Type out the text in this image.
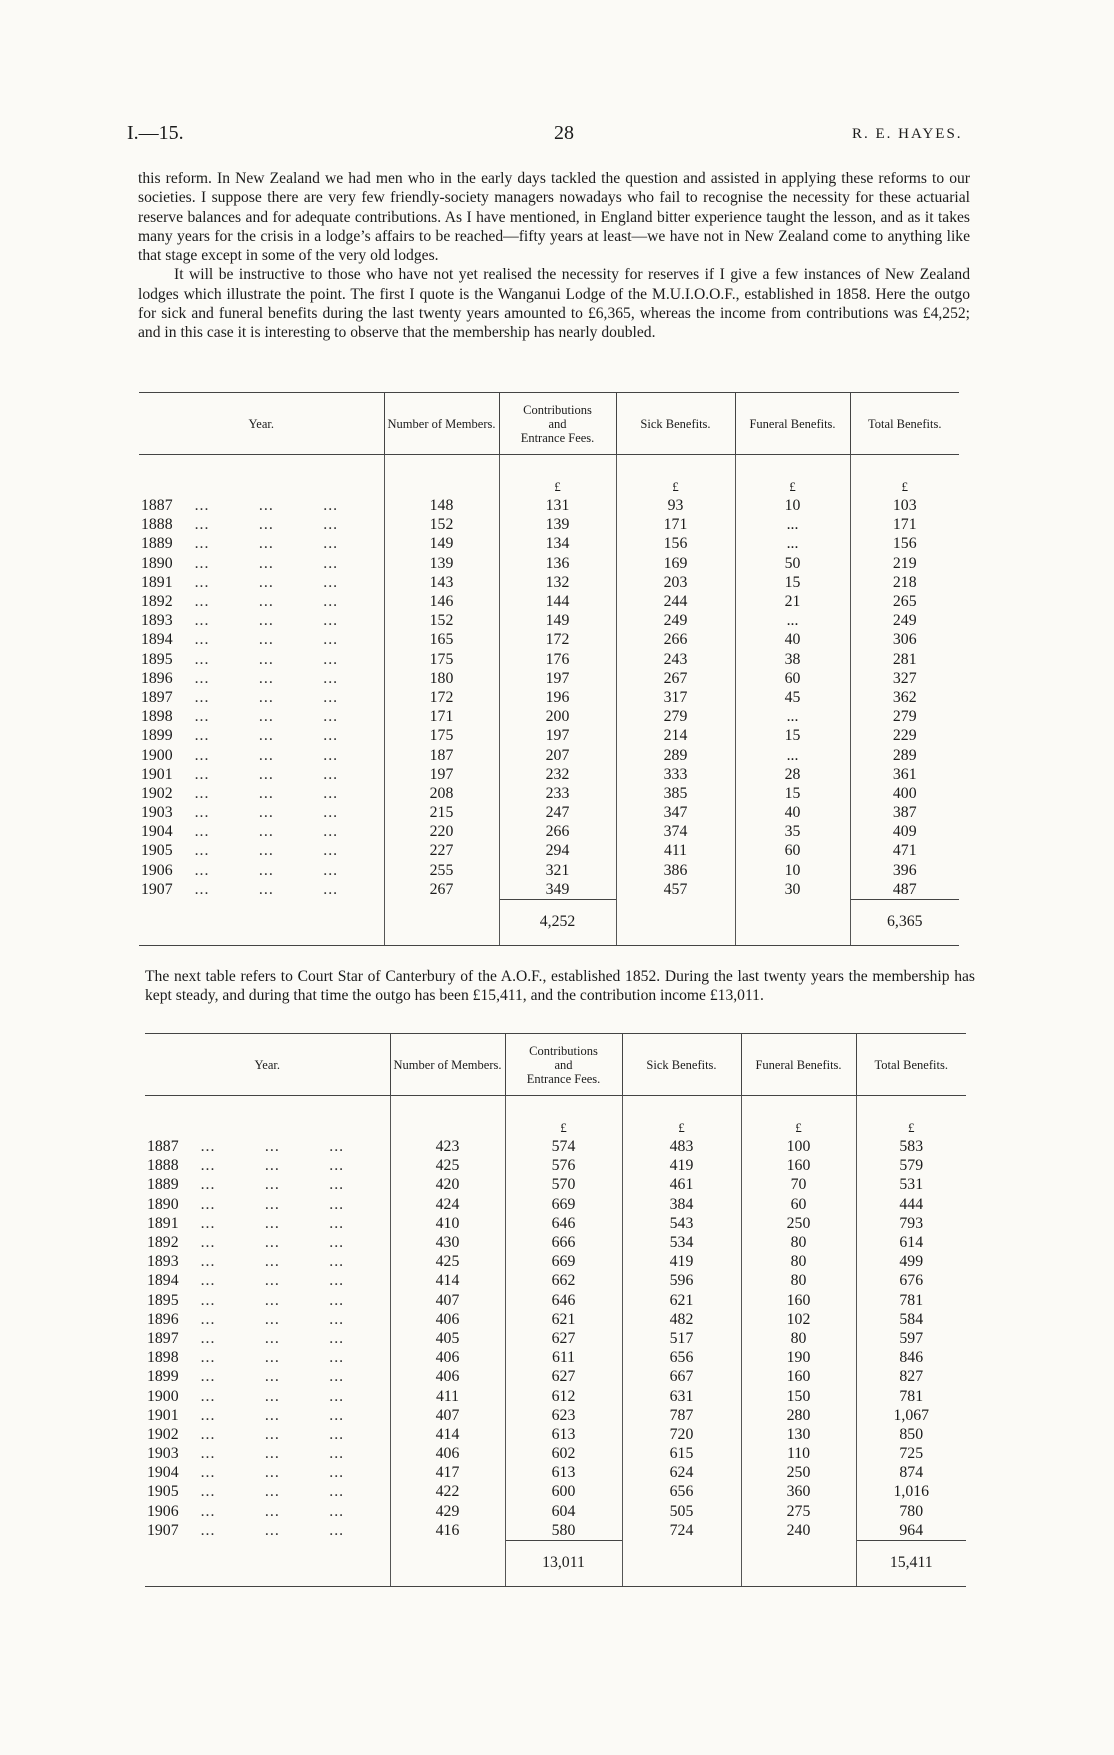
I.—15.	28	R. E. HAYES.

this reform. In New Zealand we had men who in the early days tackled the question and assisted in applying these reforms to our societies. I suppose there are very few friendly-society managers nowadays who fail to recognise the necessity for these actuarial reserve balances and for adequate contributions. As I have mentioned, in England bitter experience taught the lesson, and as it takes many years for the crisis in a lodge’s affairs to be reached—fifty years at least—we have not in New Zealand come to anything like that stage except in some of the very old lodges.

It will be instructive to those who have not yet realised the necessity for reserves if I give a few instances of New Zealand lodges which illustrate the point. The first I quote is the Wanganui Lodge of the M.U.I.O.O.F., established in 1858. Here the outgo for sick and funeral benefits during the last twenty years amounted to £6,365, whereas the income from contributions was £4,252; and in this case it is interesting to observe that the membership has nearly doubled.

Year.	Number of Members.	Contributions
and
Entrance Fees.	Sick Benefits.	Funeral Benefits.	Total Benefits.
		£	£	£	£
1887 ...          ...          ...	148	131	93	10	103
1888 ...          ...          ...	152	139	171	...	171
1889 ...          ...          ...	149	134	156	...	156
1890 ...          ...          ...	139	136	169	50	219
1891 ...          ...          ...	143	132	203	15	218
1892 ...          ...          ...	146	144	244	21	265
1893 ...          ...          ...	152	149	249	...	249
1894 ...          ...          ...	165	172	266	40	306
1895 ...          ...          ...	175	176	243	38	281
1896 ...          ...          ...	180	197	267	60	327
1897 ...          ...          ...	172	196	317	45	362
1898 ...          ...          ...	171	200	279	...	279
1899 ...          ...          ...	175	197	214	15	229
1900 ...          ...          ...	187	207	289	...	289
1901 ...          ...          ...	197	232	333	28	361
1902 ...          ...          ...	208	233	385	15	400
1903 ...          ...          ...	215	247	347	40	387
1904 ...          ...          ...	220	266	374	35	409
1905 ...          ...          ...	227	294	411	60	471
1906 ...          ...          ...	255	321	386	10	396
1907 ...          ...          ...	267	349	457	30	487
		4,252			6,365

The next table refers to Court Star of Canterbury of the A.O.F., established 1852. During the last twenty years the membership has kept steady, and during that time the outgo has been £15,411, and the contribution income £13,011.

Year.	Number of Members.	Contributions
and
Entrance Fees.	Sick Benefits.	Funeral Benefits.	Total Benefits.
		£	£	£	£
1887 ...          ...          ...	423	574	483	100	583
1888 ...          ...          ...	425	576	419	160	579
1889 ...          ...          ...	420	570	461	70	531
1890 ...          ...          ...	424	669	384	60	444
1891 ...          ...          ...	410	646	543	250	793
1892 ...          ...          ...	430	666	534	80	614
1893 ...          ...          ...	425	669	419	80	499
1894 ...          ...          ...	414	662	596	80	676
1895 ...          ...          ...	407	646	621	160	781
1896 ...          ...          ...	406	621	482	102	584
1897 ...          ...          ...	405	627	517	80	597
1898 ...          ...          ...	406	611	656	190	846
1899 ...          ...          ...	406	627	667	160	827
1900 ...          ...          ...	411	612	631	150	781
1901 ...          ...          ...	407	623	787	280	1,067
1902 ...          ...          ...	414	613	720	130	850
1903 ...          ...          ...	406	602	615	110	725
1904 ...          ...          ...	417	613	624	250	874
1905 ...          ...          ...	422	600	656	360	1,016
1906 ...          ...          ...	429	604	505	275	780
1907 ...          ...          ...	416	580	724	240	964
		13,011			15,411
